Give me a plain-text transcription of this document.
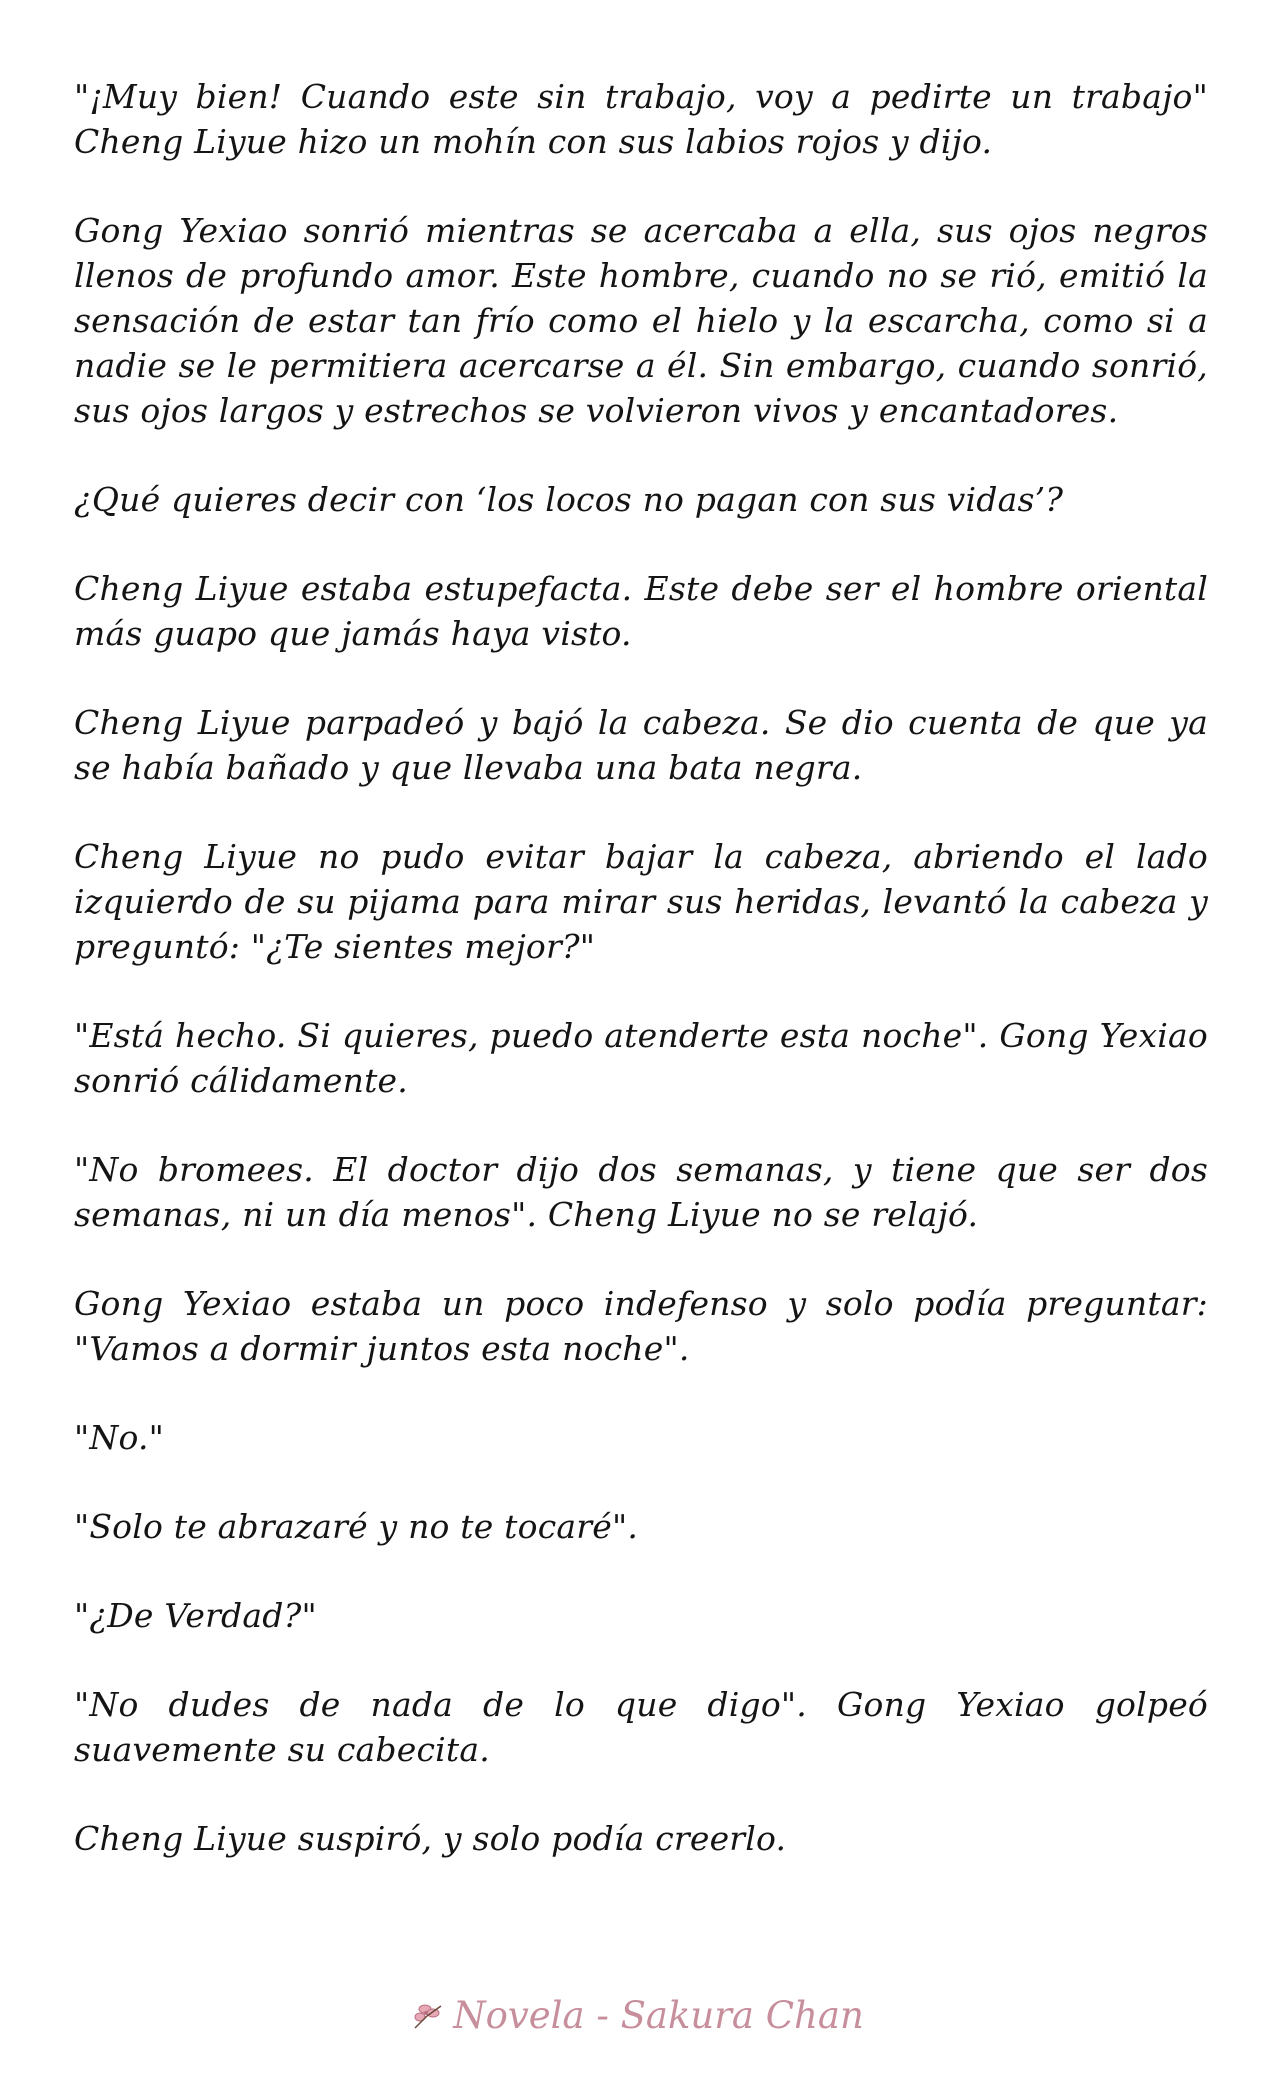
"¡Muy bien! Cuando este sin trabajo, voy a pedirte un trabajo" Cheng Liyue hizo un mohín con sus labios rojos y dijo.

Gong Yexiao sonrió mientras se acercaba a ella, sus ojos negros llenos de profundo amor. Este hombre, cuando no se rió, emitió la sensación de estar tan frío como el hielo y la escarcha, como si a nadie se le permitiera acercarse a él. Sin embargo, cuando sonrió, sus ojos largos y estrechos se volvieron vivos y encantadores.

¿Qué quieres decir con ‘los locos no pagan con sus vidas’?

Cheng Liyue estaba estupefacta. Este debe ser el hombre oriental más guapo que jamás haya visto.

Cheng Liyue parpadeó y bajó la cabeza. Se dio cuenta de que ya se había bañado y que llevaba una bata negra.

Cheng Liyue no pudo evitar bajar la cabeza, abriendo el lado izquierdo de su pijama para mirar sus heridas, levantó la cabeza y preguntó: "¿Te sientes mejor?"

"Está hecho. Si quieres, puedo atenderte esta noche". Gong Yexiao sonrió cálidamente.

"No bromees. El doctor dijo dos semanas, y tiene que ser dos semanas, ni un día menos". Cheng Liyue no se relajó.

Gong Yexiao estaba un poco indefenso y solo podía preguntar: "Vamos a dormir juntos esta noche".

"No."

"Solo te abrazaré y no te tocaré".

"¿De Verdad?"

"No dudes de nada de lo que digo". Gong Yexiao golpeó suavemente su cabecita.

Cheng Liyue suspiró, y solo podía creerlo.

Novela - Sakura Chan
